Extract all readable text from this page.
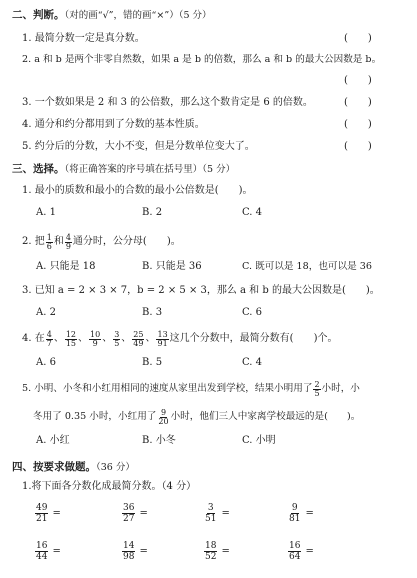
二、判断。（对的画“√”，错的画“×”）（5 分）
1. 最简分数一定是真分数。	(　　)
2. a 和 b 是两个非零自然数，如果 a 是 b 的倍数，那么 a 和 b 的最大公因数是 b。
(　　)
3. 一个数如果是 2 和 3 的公倍数，那么这个数肯定是 6 的倍数。	(　　)
4. 通分和约分都用到了分数的基本性质。	(　　)
5. 约分后的分数，大小不变，但是分数单位变大了。	(　　)
三、选择。（将正确答案的序号填在括号里）（5 分）
1. 最小的质数和最小的合数的最小公倍数是(　　)。
A. 1	B. 2	C. 4
2.
把 $\frac{1}{6}$ 和 $\frac{4}{9}$ 通分时，公分母(　　)。
A. 只能是 18	B. 只能是 36	C. 既可以是 18，也可以是 36
3. 已知 a = 2 × 3 × 7，b = 2 × 5 × 3，那么 a 和 b 的最大公因数是(　　)。
A. 2	B. 3	C. 6
4.
在 $\frac{4}{7}$ 、 $\frac{12}{15}$ 、 $\frac{10}{9}$ 、 $\frac{3}{5}$ 、 $\frac{25}{49}$ 、 $\frac{13}{91}$ 这几个分数中，最简分数有(　　)个。
A. 6	B. 5	C. 4
5.
小明、小冬和小红用相同的速度从家里出发到学校，结果小明用了 $\frac{2}{5}$ 小时，小
冬用了 0.35 小时，小红用了 $\frac{9}{20}$ 小时，他们三人中家离学校最远的是(　　)。
A. 小红	B. 小冬	C. 小明
四、按要求做题。（36 分）
1.将下面各分数化成最简分数。（4 分）
$\frac{49}{21}$ =	$\frac{36}{27}$ =	$\frac{3}{51}$ =	$\frac{9}{81}$ =
$\frac{16}{44}$ =	$\frac{14}{98}$ =	$\frac{18}{52}$ =	$\frac{16}{64}$ =
